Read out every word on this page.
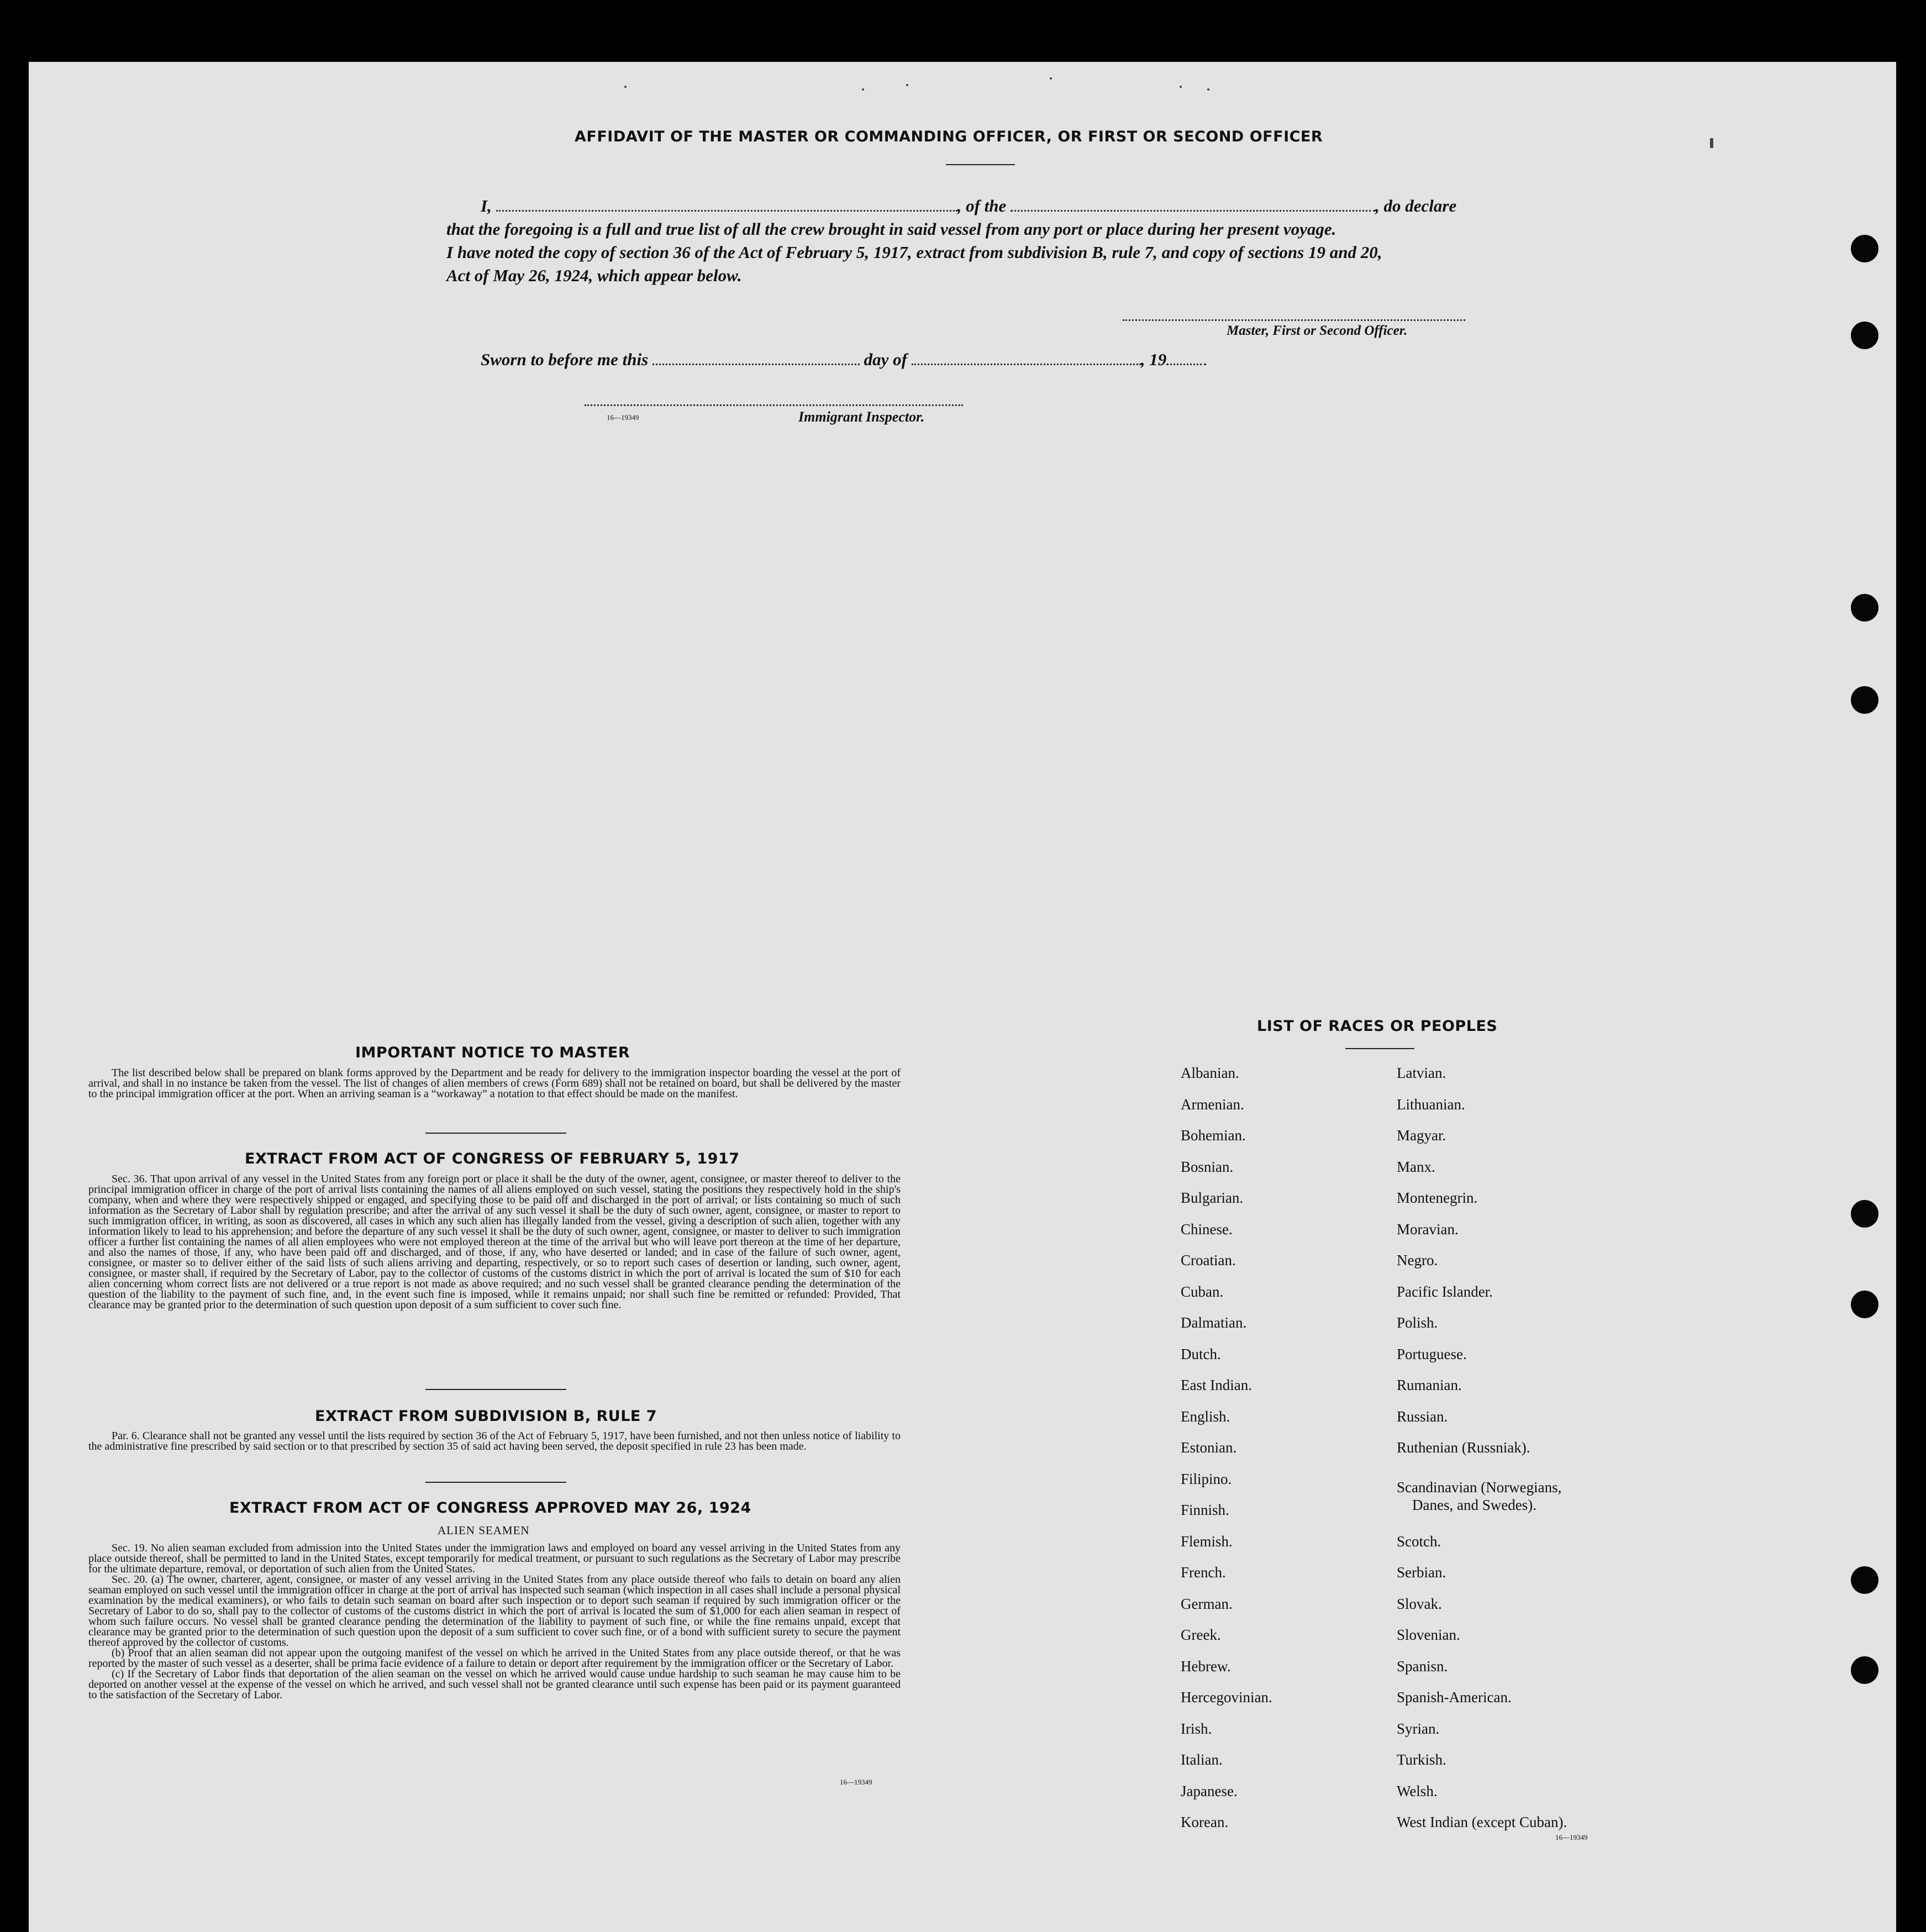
AFFIDAVIT OF THE MASTER OR COMMANDING OFFICER, OR FIRST OR SECOND OFFICER
I,	, of the	, do declare
that the foregoing is a full and true list of all the crew brought in said vessel from any port or place during her present voyage.
I have noted the copy of section 36 of the Act of February 5, 1917, extract from subdivision B, rule 7, and copy of sections 19 and 20,
Act of May 26, 1924, which appear below.
Master, First or Second Officer.
Sworn to before me this	day of	, 19
16—19349	Immigrant Inspector.
IMPORTANT NOTICE TO MASTER

The list described below shall be prepared on blank forms approved by the Department and be ready for delivery to the immigration inspector boarding the vessel at the port of arrival, and shall in no instance be taken from the vessel. The list of changes of alien members of crews (Form 689) shall not be retained on board, but shall be delivered by the master to the principal immigration officer at the port. When an arriving seaman is a “workaway” a notation to that effect should be made on the manifest.

EXTRACT FROM ACT OF CONGRESS OF FEBRUARY 5, 1917

Sec. 36. That upon arrival of any vessel in the United States from any foreign port or place it shall be the duty of the owner, agent, consignee, or master thereof to deliver to the principal immigration officer in charge of the port of arrival lists containing the names of all aliens employed on such vessel, stating the positions they respectively hold in the ship's company, when and where they were respectively shipped or engaged, and specifying those to be paid off and discharged in the port of arrival; or lists containing so much of such information as the Secretary of Labor shall by regulation prescribe; and after the arrival of any such vessel it shall be the duty of such owner, agent, consignee, or master to report to such immigration officer, in writing, as soon as discovered, all cases in which any such alien has illegally landed from the vessel, giving a description of such alien, together with any information likely to lead to his apprehension; and before the departure of any such vessel it shall be the duty of such owner, agent, consignee, or master to deliver to such immigration officer a further list containing the names of all alien employees who were not employed thereon at the time of the arrival but who will leave port thereon at the time of her departure, and also the names of those, if any, who have been paid off and discharged, and of those, if any, who have deserted or landed; and in case of the failure of such owner, agent, consignee, or master so to deliver either of the said lists of such aliens arriving and departing, respectively, or so to report such cases of desertion or landing, such owner, agent, consignee, or master shall, if required by the Secretary of Labor, pay to the collector of customs of the customs district in which the port of arrival is located the sum of $10 for each alien concerning whom correct lists are not delivered or a true report is not made as above required; and no such vessel shall be granted clearance pending the determination of the question of the liability to the payment of such fine, and, in the event such fine is imposed, while it remains unpaid; nor shall such fine be remitted or refunded: Provided, That clearance may be granted prior to the determination of such question upon deposit of a sum sufficient to cover such fine.

EXTRACT FROM SUBDIVISION B, RULE 7

Par. 6. Clearance shall not be granted any vessel until the lists required by section 36 of the Act of February 5, 1917, have been furnished, and not then unless notice of liability to the administrative fine prescribed by said section or to that prescribed by section 35 of said act having been served, the deposit specified in rule 23 has been made.

EXTRACT FROM ACT OF CONGRESS APPROVED MAY 26, 1924
ALIEN SEAMEN

Sec. 19. No alien seaman excluded from admission into the United States under the immigration laws and employed on board any vessel arriving in the United States from any place outside thereof, shall be permitted to land in the United States, except temporarily for medical treatment, or pursuant to such regulations as the Secretary of Labor may prescribe for the ultimate departure, removal, or deportation of such alien from the United States.

Sec. 20. (a) The owner, charterer, agent, consignee, or master of any vessel arriving in the United States from any place outside thereof who fails to detain on board any alien seaman employed on such vessel until the immigration officer in charge at the port of arrival has inspected such seaman (which inspection in all cases shall include a personal physical examination by the medical examiners), or who fails to detain such seaman on board after such inspection or to deport such seaman if required by such immigration officer or the Secretary of Labor to do so, shall pay to the collector of customs of the customs district in which the port of arrival is located the sum of $1,000 for each alien seaman in respect of whom such failure occurs. No vessel shall be granted clearance pending the determination of the liability to payment of such fine, or while the fine remains unpaid, except that clearance may be granted prior to the determination of such question upon the deposit of a sum sufficient to cover such fine, or of a bond with sufficient surety to secure the payment thereof approved by the collector of customs.

(b) Proof that an alien seaman did not appear upon the outgoing manifest of the vessel on which he arrived in the United States from any place outside thereof, or that he was reported by the master of such vessel as a deserter, shall be prima facie evidence of a failure to detain or deport after requirement by the immigration officer or the Secretary of Labor.

(c) If the Secretary of Labor finds that deportation of the alien seaman on the vessel on which he arrived would cause undue hardship to such seaman he may cause him to be deported on another vessel at the expense of the vessel on which he arrived, and such vessel shall not be granted clearance until such expense has been paid or its payment guaranteed to the satisfaction of the Secretary of Labor.

16—19349
LIST OF RACES OR PEOPLES
Albanian.
Armenian.
Bohemian.
Bosnian.
Bulgarian.
Chinese.
Croatian.
Cuban.
Dalmatian.
Dutch.
East Indian.
English.
Estonian.
Filipino.
Finnish.
Flemish.
French.
German.
Greek.
Hebrew.
Hercegovinian.
Irish.
Italian.
Japanese.
Korean.
Latvian.
Lithuanian.
Magyar.
Manx.
Montenegrin.
Moravian.
Negro.
Pacific Islander.
Polish.
Portuguese.
Rumanian.
Russian.
Ruthenian (Russniak).
Scandinavian (Norwegians,
Danes, and Swedes).
Scotch.
Serbian.
Slovak.
Slovenian.
Spanisn.
Spanish-American.
Syrian.
Turkish.
Welsh.
West Indian (except Cuban).
16—19349
